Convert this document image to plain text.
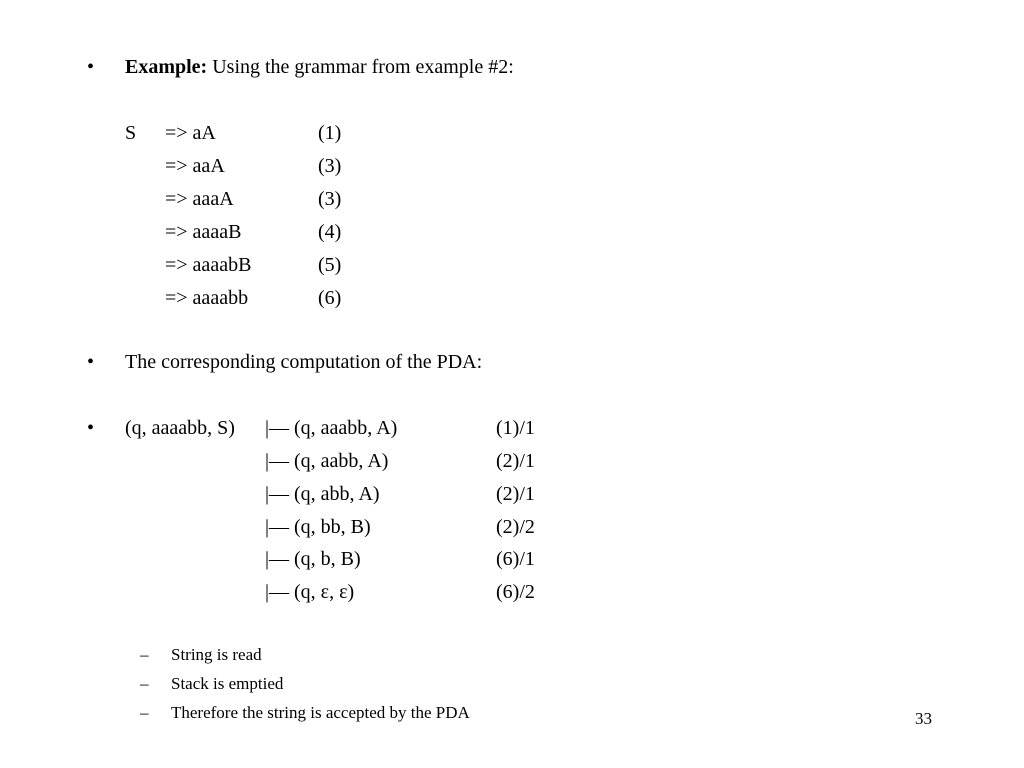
• Example: Using the grammar from example #2:
S => aA	(1)
=> aaA	(3)
=> aaaA	(3)
=> aaaaB	(4)
=> aaaabB	(5)
=> aaaabb	(6)
• The corresponding computation of the PDA:
• (q, aaaabb, S) |— (q, aaabb, A)	(1)/1
|— (q, aabb, A)	(2)/1
|— (q, abb, A)	(2)/1
|— (q, bb, B)	(2)/2
|— (q, b, B)	(6)/1
|— (q, ε, ε)	(6)/2
– String is read
– Stack is emptied
– Therefore the string is accepted by the PDA	33
